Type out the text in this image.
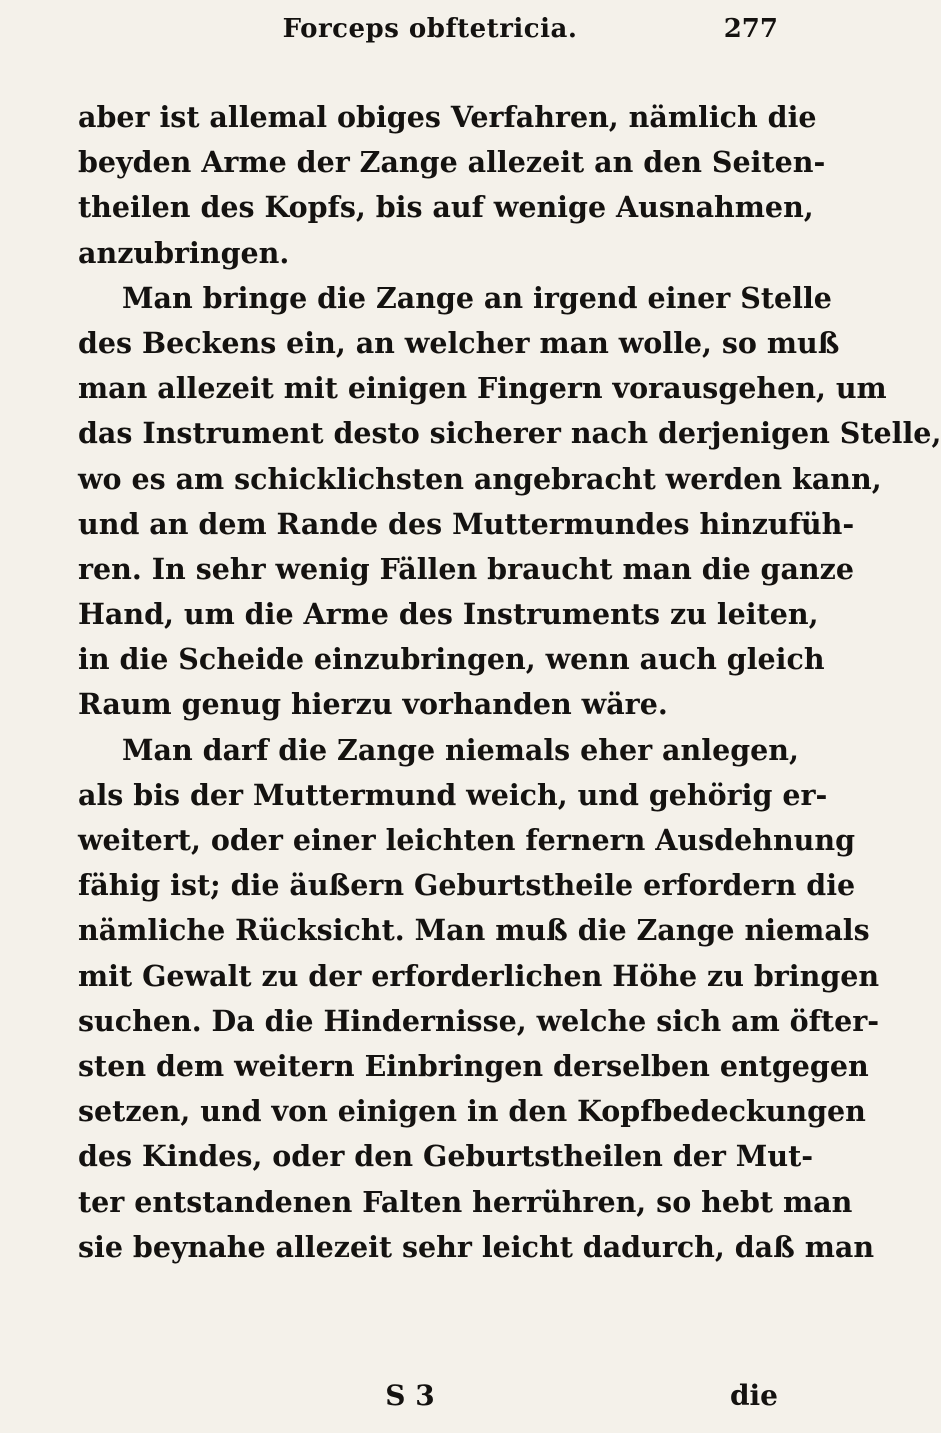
Forceps obftetricia.	277
aber ist allemal obiges Verfahren, nämlich die
beyden Arme der Zange allezeit an den Seiten-
theilen des Kopfs, bis auf wenige Ausnahmen,
anzubringen.
Man bringe die Zange an irgend einer Stelle
des Beckens ein, an welcher man wolle, so muß
man allezeit mit einigen Fingern vorausgehen, um
das Instrument desto sicherer nach derjenigen Stelle,
wo es am schicklichsten angebracht werden kann,
und an dem Rande des Muttermundes hinzufüh-
ren. In sehr wenig Fällen braucht man die ganze
Hand, um die Arme des Instruments zu leiten,
in die Scheide einzubringen, wenn auch gleich
Raum genug hierzu vorhanden wäre.
Man darf die Zange niemals eher anlegen,
als bis der Muttermund weich, und gehörig er-
weitert, oder einer leichten fernern Ausdehnung
fähig ist; die äußern Geburtstheile erfordern die
nämliche Rücksicht. Man muß die Zange niemals
mit Gewalt zu der erforderlichen Höhe zu bringen
suchen. Da die Hindernisse, welche sich am öfter-
sten dem weitern Einbringen derselben entgegen
setzen, und von einigen in den Kopfbedeckungen
des Kindes, oder den Geburtstheilen der Mut-
ter entstandenen Falten herrühren, so hebt man
sie beynahe allezeit sehr leicht dadurch, daß man
S 3	die
